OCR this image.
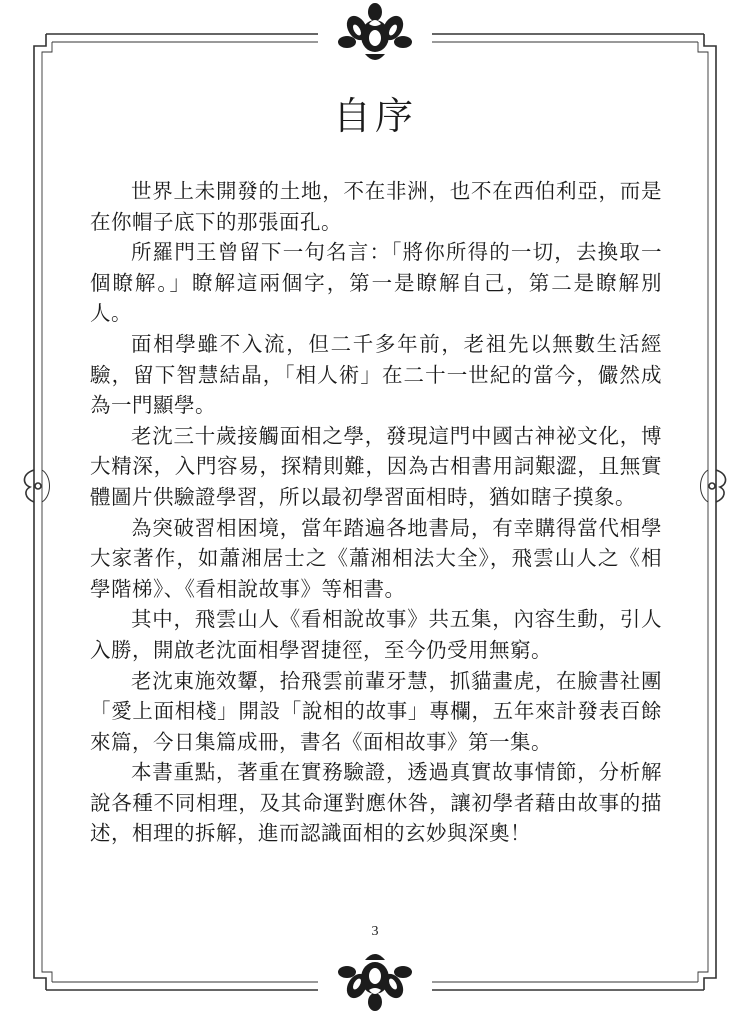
自序

世界上未開發的土地，不在非洲，也不在西伯利亞，而是在你帽子底下的那張面孔。

所羅門王曾留下一句名言：「將你所得的一切，去換取一個瞭解。」瞭解這兩個字，第一是瞭解自己，第二是瞭解別人。

面相學雖不入流，但二千多年前，老祖先以無數生活經驗，留下智慧結晶，「相人術」在二十一世紀的當今，儼然成為一門顯學。

老沈三十歲接觸面相之學，發現這門中國古神祕文化，博大精深，入門容易，探精則難，因為古相書用詞艱澀，且無實體圖片供驗證學習，所以最初學習面相時，猶如瞎子摸象。

為突破習相困境，當年踏遍各地書局，有幸購得當代相學大家著作，如蕭湘居士之《蕭湘相法大全》，飛雲山人之《相學階梯》、《看相說故事》等相書。

其中，飛雲山人《看相說故事》共五集，內容生動，引人入勝，開啟老沈面相學習捷徑，至今仍受用無窮。

老沈東施效顰，拾飛雲前輩牙慧，抓貓畫虎，在臉書社團「愛上面相棧」開設「說相的故事」專欄，五年來計發表百餘來篇，今日集篇成冊，書名《面相故事》第一集。

本書重點，著重在實務驗證，透過真實故事情節，分析解說各種不同相理，及其命運對應休咎，讓初學者藉由故事的描述，相理的拆解，進而認識面相的玄妙與深奧！

3
